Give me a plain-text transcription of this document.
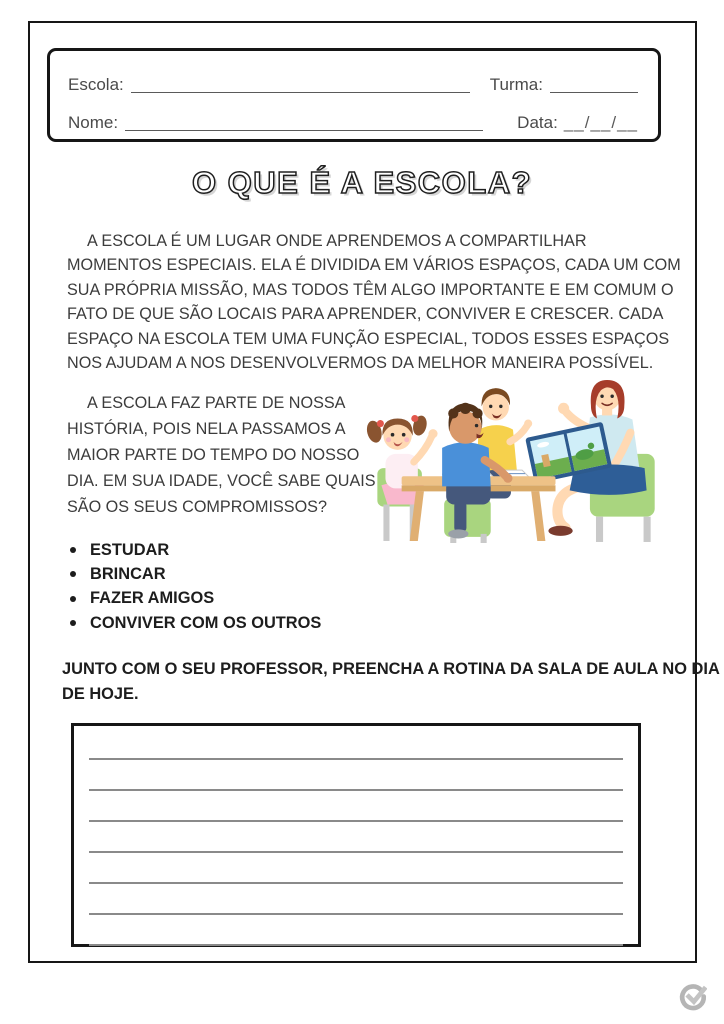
Escola:	Turma:
Nome:	Data: __/__/__
O QUE É A ESCOLA?
A ESCOLA É UM LUGAR ONDE APRENDEMOS A COMPARTILHAR
MOMENTOS ESPECIAIS. ELA É DIVIDIDA EM VÁRIOS ESPAÇOS, CADA UM COM
SUA PRÓPRIA MISSÃO, MAS TODOS TÊM ALGO IMPORTANTE E EM COMUM O
FATO DE QUE SÃO LOCAIS PARA APRENDER, CONVIVER E CRESCER. CADA
ESPAÇO NA ESCOLA TEM UMA FUNÇÃO ESPECIAL, TODOS ESSES ESPAÇOS
NOS AJUDAM A NOS DESENVOLVERMOS DA MELHOR MANEIRA POSSÍVEL.
A ESCOLA FAZ PARTE DE NOSSA
HISTÓRIA, POIS NELA PASSAMOS A
MAIOR PARTE DO TEMPO DO NOSSO
DIA. EM SUA IDADE, VOCÊ SABE QUAIS
SÃO OS SEUS COMPROMISSOS?
ESTUDAR
BRINCAR
FAZER AMIGOS
CONVIVER COM OS OUTROS
JUNTO COM O SEU PROFESSOR, PREENCHA A ROTINA DA SALA DE AULA NO DIA
DE HOJE.
